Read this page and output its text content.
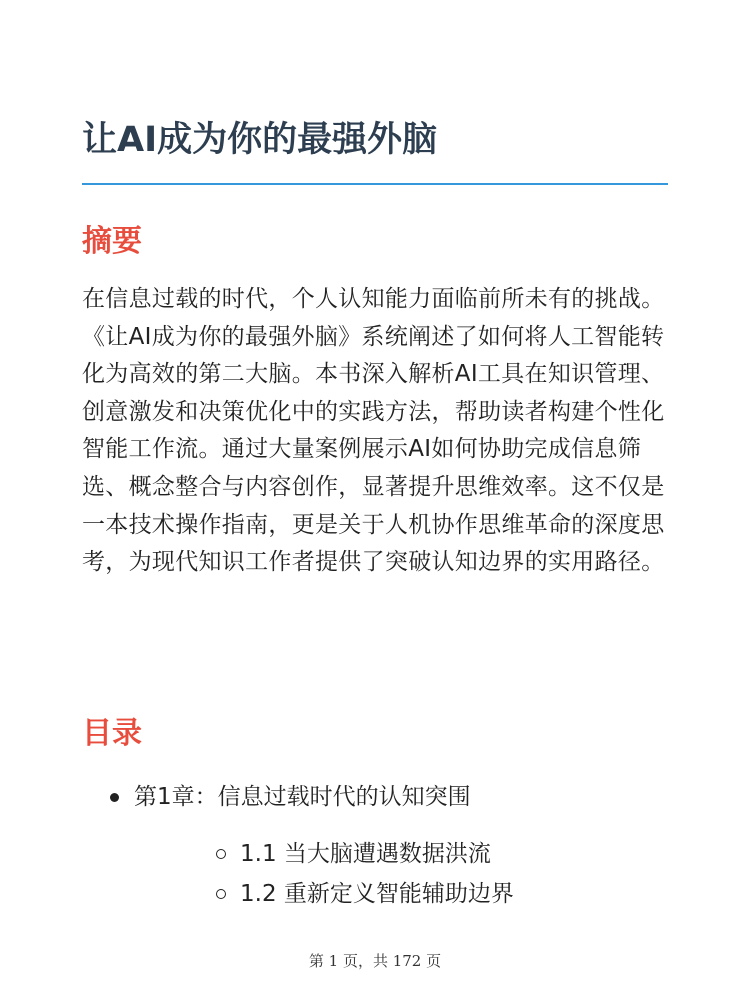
让AI成为你的最强外脑
摘要

在信息过载的时代，个人认知能力面临前所未有的挑战。《让AI成为你的最强外脑》系统阐述了如何将人工智能转化为高效的第二大脑。本书深入解析AI工具在知识管理、创意激发和决策优化中的实践方法，帮助读者构建个性化智能工作流。通过大量案例展示AI如何协助完成信息筛选、概念整合与内容创作，显著提升思维效率。这不仅是一本技术操作指南，更是关于人机协作思维革命的深度思考，为现代知识工作者提供了突破认知边界的实用路径。

目录
第1章：信息过载时代的认知突围
1.1 当大脑遭遇数据洪流
1.2 重新定义智能辅助边界
第 1 页，共 172 页
